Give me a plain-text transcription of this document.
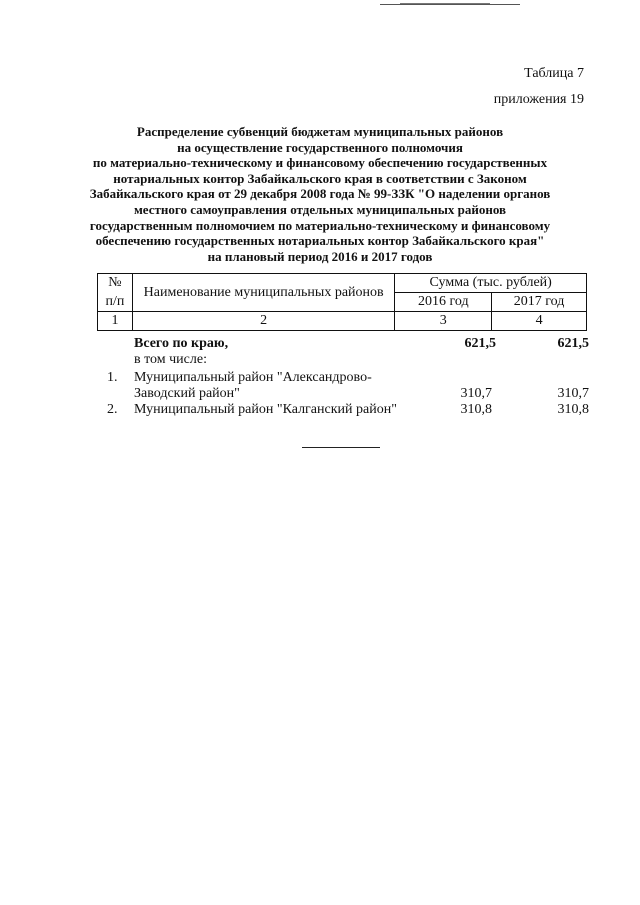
Таблица 7
приложения 19
Распределение субвенций бюджетам муниципальных районов
на осуществление государственного полномочия
по материально-техническому и финансовому обеспечению государственных
нотариальных контор Забайкальского края в соответствии с Законом
Забайкальского края от 29 декабря 2008 года № 99-ЗЗК "О наделении органов
местного самоуправления отдельных муниципальных районов
государственным полномочием по материально-техническому и финансовому
обеспечению государственных нотариальных контор Забайкальского края"
на плановый период 2016 и 2017 годов
№	Наименование муниципальных районов	Сумма (тыс. рублей)	
п/п		2016 год	2017 год
1	2	3	4
Всего по краю,	621,5	621,5
в том числе:
1. Муниципальный район "Александрово-
Заводский район"	310,7	310,7
2. Муниципальный район "Калганский район"	310,8	310,8
